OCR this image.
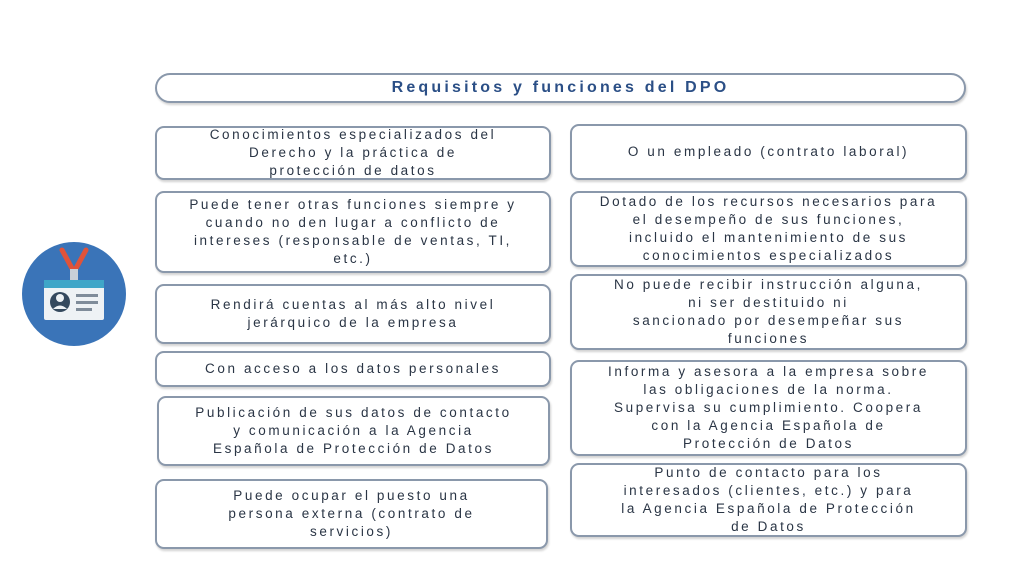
Requisitos y funciones del DPO
Conocimientos especializados del
Derecho y la práctica de
protección de datos
Puede tener otras funciones siempre y
cuando no den lugar a conflicto de
intereses (responsable de ventas, TI,
etc.)
Rendirá cuentas al más alto nivel
jerárquico de la empresa
Con acceso a los datos personales
Publicación de sus datos de contacto
y comunicación a la Agencia
Española de Protección de Datos
Puede ocupar el puesto una
persona externa (contrato de
servicios)
O un empleado (contrato laboral)
Dotado de los recursos necesarios para
el desempeño de sus funciones,
incluido el mantenimiento de sus
conocimientos especializados
No puede recibir instrucción alguna,
ni ser destituido ni
sancionado por desempeñar sus
funciones
Informa y asesora a la empresa sobre
las obligaciones de la norma.
Supervisa su cumplimiento. Coopera
con la Agencia Española de
Protección de Datos
Punto de contacto para los
interesados (clientes, etc.) y para
la Agencia Española de Protección
de Datos
